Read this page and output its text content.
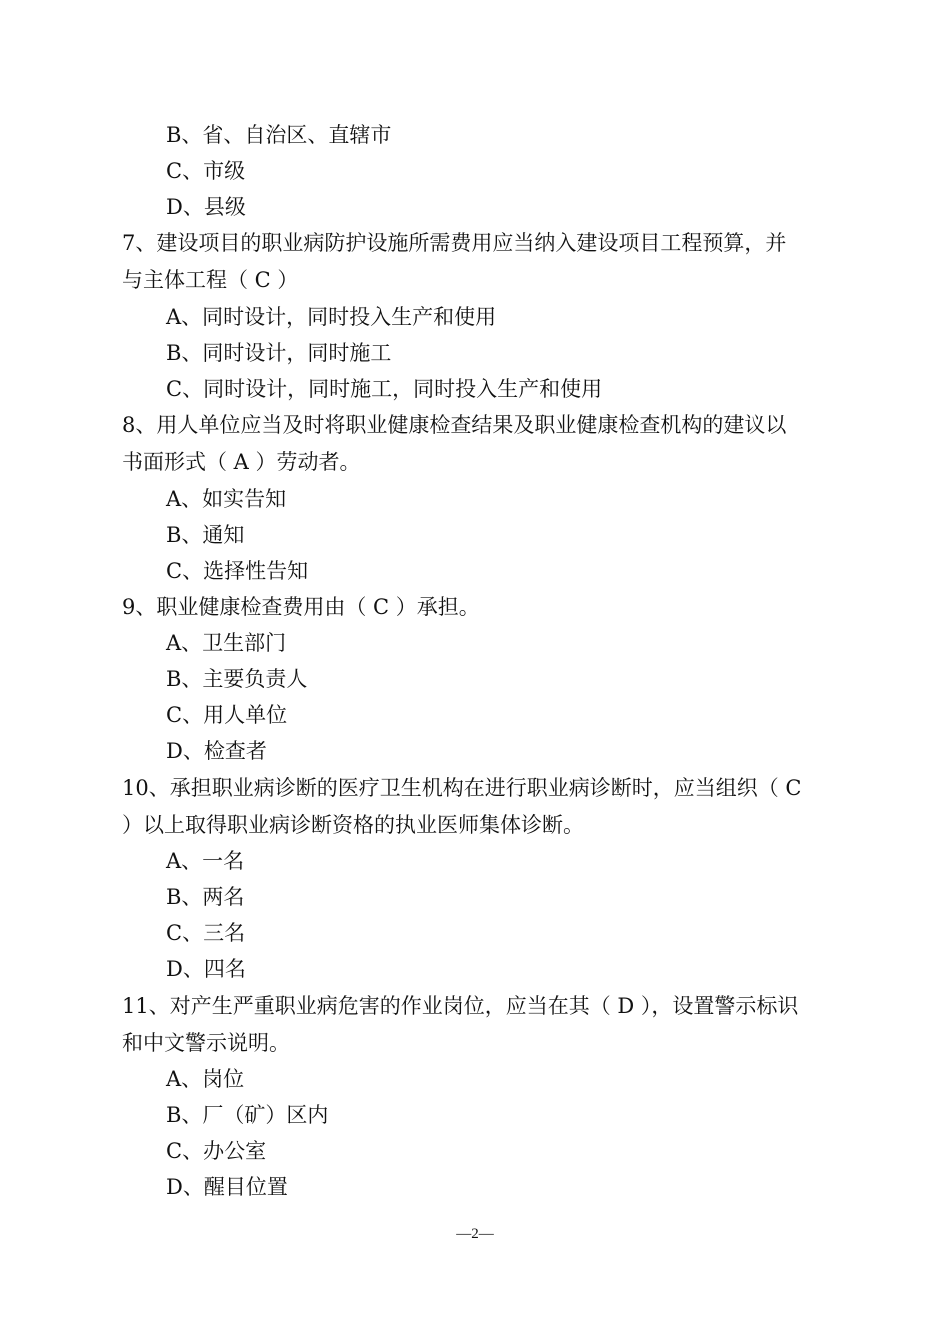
B、省、自治区、直辖市
C、市级
D、县级
7、建设项目的职业病防护设施所需费用应当纳入建设项目工程预算，并
与主体工程（ C ）
A、同时设计，同时投入生产和使用
B、同时设计，同时施工
C、同时设计，同时施工，同时投入生产和使用
8、用人单位应当及时将职业健康检查结果及职业健康检查机构的建议以
书面形式（ A ）劳动者。
A、如实告知
B、通知
C、选择性告知
9、职业健康检查费用由（ C ）承担。
A、卫生部门
B、主要负责人
C、用人单位
D、检查者
10、承担职业病诊断的医疗卫生机构在进行职业病诊断时，应当组织（ C
）以上取得职业病诊断资格的执业医师集体诊断。
A、一名
B、两名
C、三名
D、四名
11、对产生严重职业病危害的作业岗位，应当在其（ D ），设置警示标识
和中文警示说明。
A、岗位
B、厂（矿）区内
C、办公室
D、醒目位置
—2—
